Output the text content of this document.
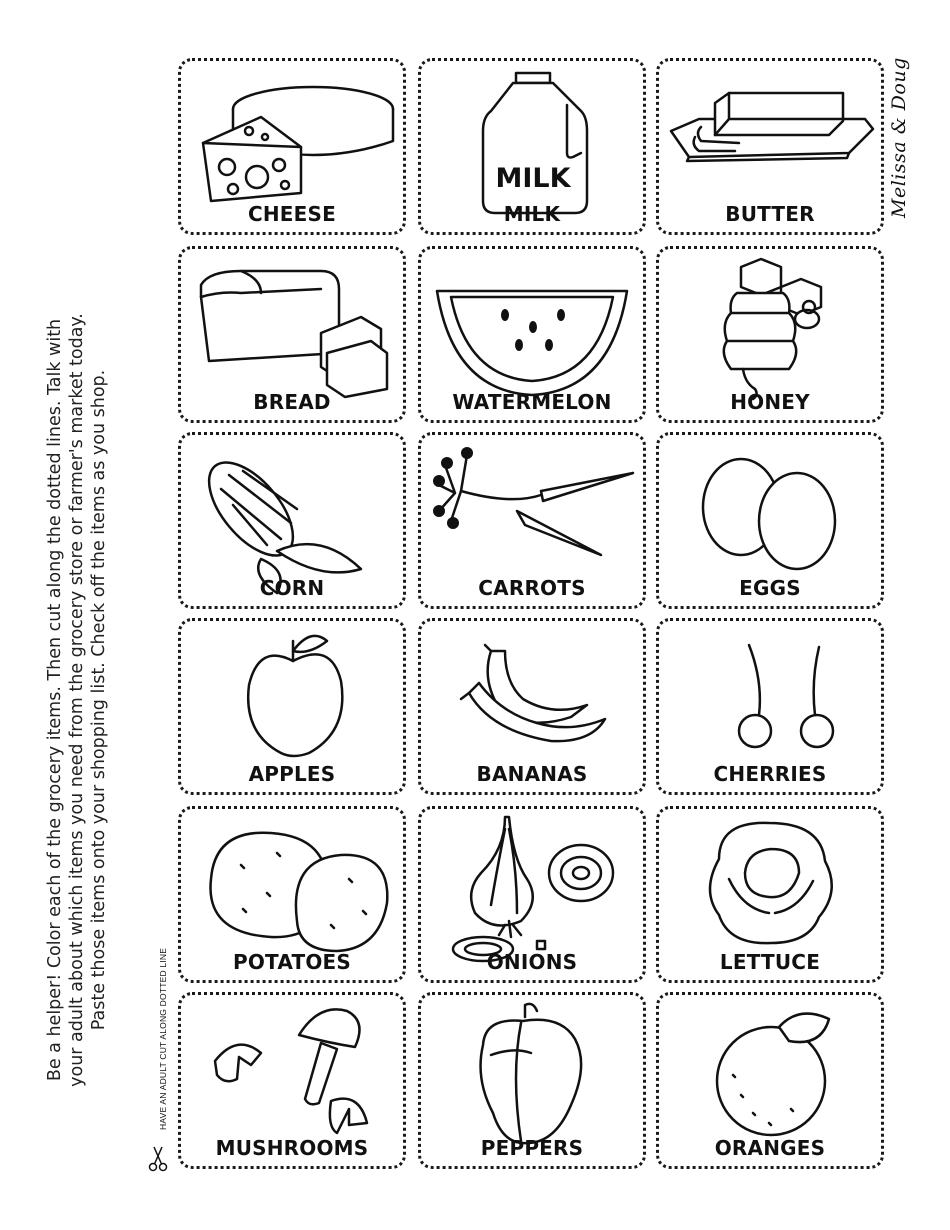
Be a helper! Color each of the grocery items. Then cut along the dotted lines. Talk with your adult about which items you need from the grocery store or farmer's market today. Paste those items onto your shopping list. Check off the items as you shop.
HAVE AN ADULT CUT ALONG DOTTED LINE
Melissa & Doug
CHEESE
MILK
MILK	BUTTER
BREAD	WATERMELON	HONEY
CORN	CARROTS	EGGS
APPLES	BANANAS	CHERRIES
POTATOES	ONIONS	LETTUCE
MUSHROOMS	PEPPERS	ORANGES
